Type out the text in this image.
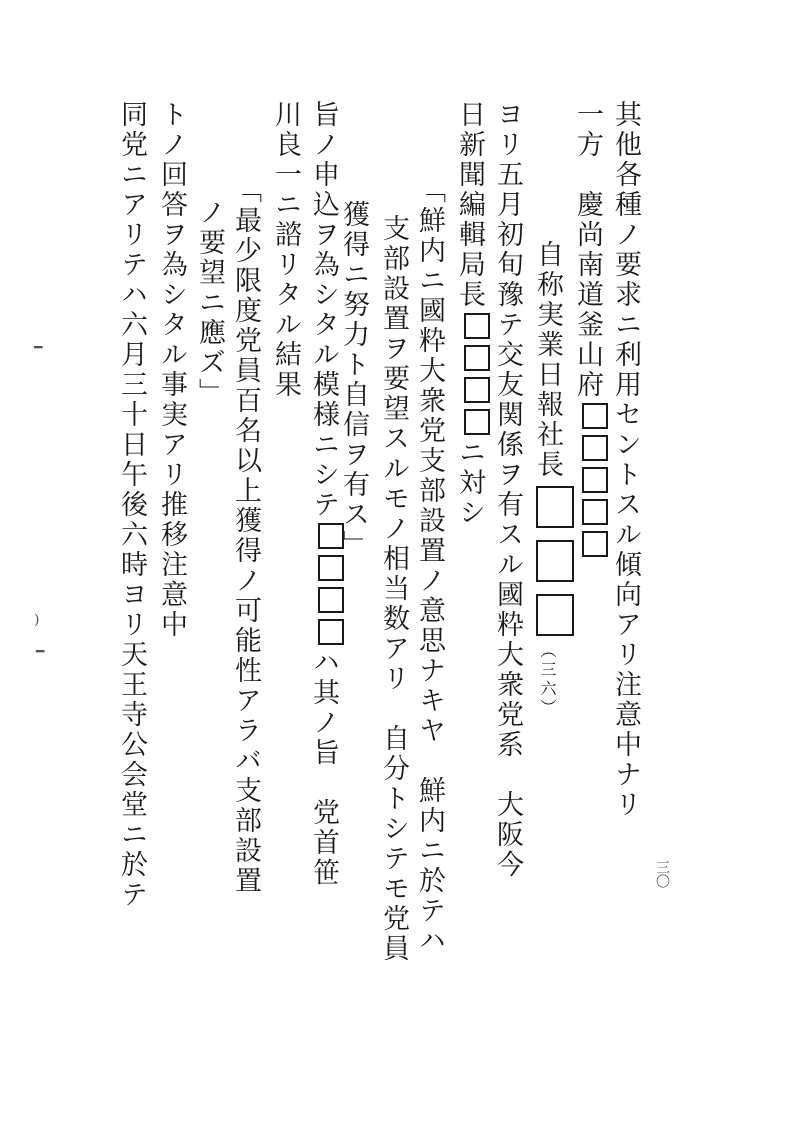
其他各種ノ要求ニ利用セントスル傾向アリ注意中ナリ
一方　慶尚南道釜山府
自称実業日報社長（三六）
ヨリ五月初旬豫テ交友関係ヲ有スル國粋大衆党系　大阪今
日新聞編輯局長ニ対シ
「鮮内ニ國粋大衆党支部設置ノ意思ナキヤ　鮮内ニ於テハ
支部設置ヲ要望スルモノ相当数アリ　自分トシテモ党員
獲得ニ努力ト自信ヲ有ス」
旨ノ申込ヲ為シタル模様ニシテハ其ノ旨　党首笹
川良一ニ諮リタル結果
「最少限度党員百名以上獲得ノ可能性アラバ支部設置
ノ要望ニ應ズ」
トノ回答ヲ為シタル事実アリ推移注意中
同党ニアリテハ六月三十日午後六時ヨリ天王寺公会堂ニ於テ	三〇
━
)
━
